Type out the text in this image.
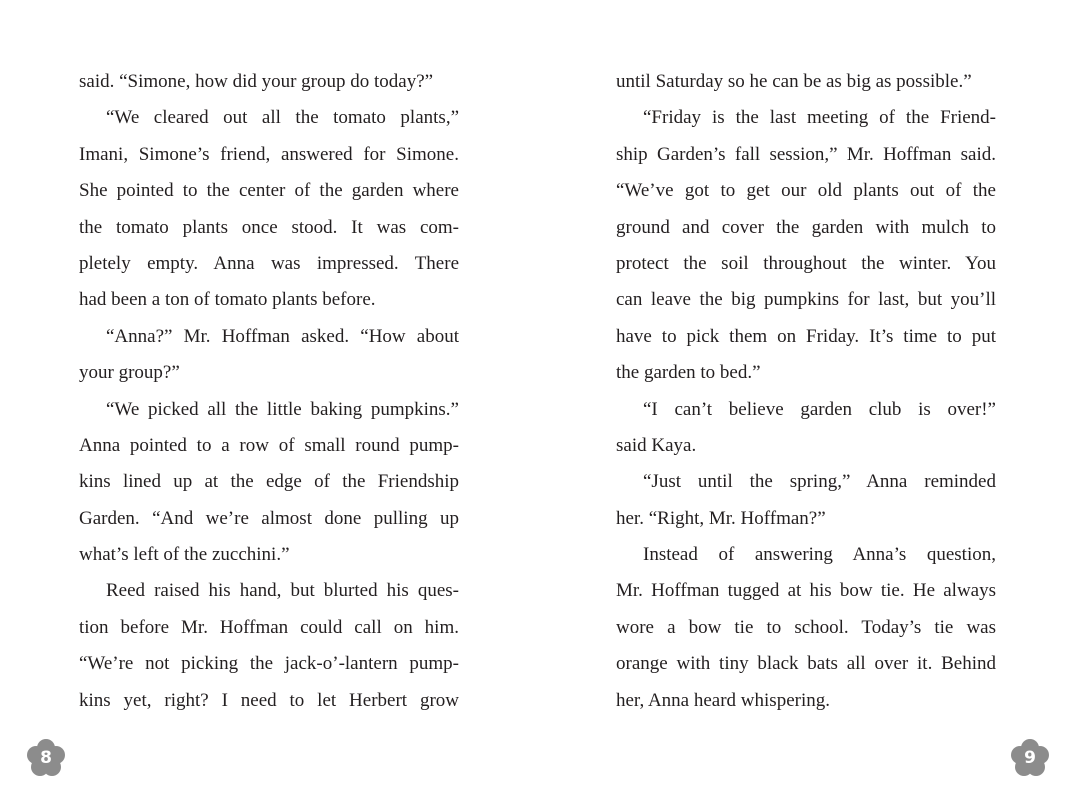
said. “Simone, how did your group do today?”
“We cleared out all the tomato plants,”
Imani, Simone’s friend, answered for Simone.
She pointed to the center of the garden where
the tomato plants once stood. It was com-
pletely empty. Anna was impressed. There
had been a ton of tomato plants before.
“Anna?” Mr. Hoffman asked. “How about
your group?”
“We picked all the little baking pumpkins.”
Anna pointed to a row of small round pump-
kins lined up at the edge of the Friendship
Garden. “And we’re almost done pulling up
what’s left of the zucchini.”
Reed raised his hand, but blurted his ques-
tion before Mr. Hoffman could call on him.
“We’re not picking the jack-o’-lantern pump-
kins yet, right? I need to let Herbert grow
8
until Saturday so he can be as big as possible.”
“Friday is the last meeting of the Friend-
ship Garden’s fall session,” Mr. Hoffman said.
“We’ve got to get our old plants out of the
ground and cover the garden with mulch to
protect the soil throughout the winter. You
can leave the big pumpkins for last, but you’ll
have to pick them on Friday. It’s time to put
the garden to bed.”
“I can’t believe garden club is over!”
said Kaya.
“Just until the spring,” Anna reminded
her. “Right, Mr. Hoffman?”
Instead of answering Anna’s question,
Mr. Hoffman tugged at his bow tie. He always
wore a bow tie to school. Today’s tie was
orange with tiny black bats all over it. Behind
her, Anna heard whispering.
9
